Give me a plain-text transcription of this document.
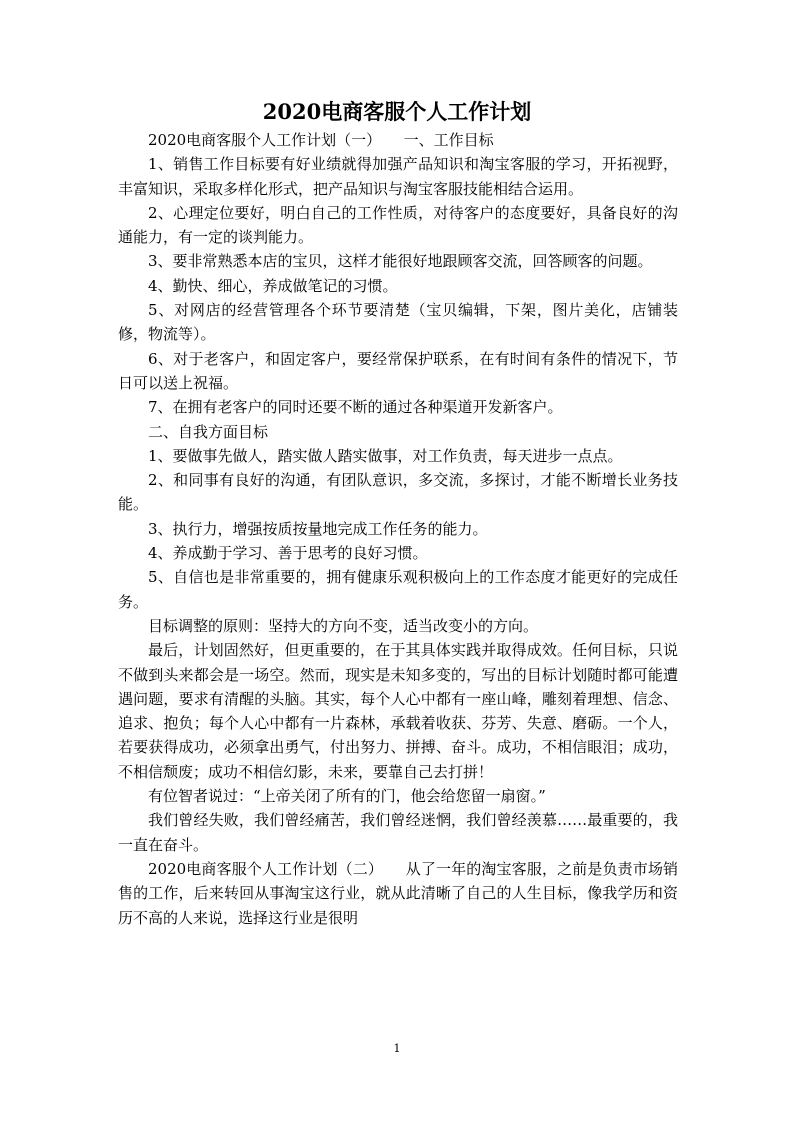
2020电商客服个人工作计划

2020电商客服个人工作计划（一）　　一、工作目标

1、销售工作目标要有好业绩就得加强产品知识和淘宝客服的学习，开拓视野，丰富知识，采取多样化形式，把产品知识与淘宝客服技能相结合运用。

2、心理定位要好，明白自己的工作性质，对待客户的态度要好，具备良好的沟通能力，有一定的谈判能力。

3、要非常熟悉本店的宝贝，这样才能很好地跟顾客交流，回答顾客的问题。

4、勤快、细心，养成做笔记的习惯。

5、对网店的经营管理各个环节要清楚（宝贝编辑，下架，图片美化，店铺装修，物流等）。

6、对于老客户，和固定客户，要经常保护联系，在有时间有条件的情况下，节日可以送上祝福。

7、在拥有老客户的同时还要不断的通过各种渠道开发新客户。

二、自我方面目标

1、要做事先做人，踏实做人踏实做事，对工作负责，每天进步一点点。

2、和同事有良好的沟通，有团队意识，多交流，多探讨，才能不断增长业务技能。

3、执行力，增强按质按量地完成工作任务的能力。

4、养成勤于学习、善于思考的良好习惯。

5、自信也是非常重要的，拥有健康乐观积极向上的工作态度才能更好的完成任务。

目标调整的原则：坚持大的方向不变，适当改变小的方向。

最后，计划固然好，但更重要的，在于其具体实践并取得成效。任何目标，只说不做到头来都会是一场空。然而，现实是未知多变的，写出的目标计划随时都可能遭遇问题，要求有清醒的头脑。其实，每个人心中都有一座山峰，雕刻着理想、信念、追求、抱负；每个人心中都有一片森林，承载着收获、芬芳、失意、磨砺。一个人，若要获得成功，必须拿出勇气，付出努力、拼搏、奋斗。成功，不相信眼泪；成功，不相信颓废；成功不相信幻影，未来，要靠自己去打拼！

有位智者说过：“上帝关闭了所有的门，他会给您留一扇窗。”

我们曾经失败，我们曾经痛苦，我们曾经迷惘，我们曾经羡慕……最重要的，我一直在奋斗。

2020电商客服个人工作计划（二）　　从了一年的淘宝客服，之前是负责市场销售的工作，后来转回从事淘宝这行业，就从此清晰了自己的人生目标，像我学历和资历不高的人来说，选择这行业是很明

1
